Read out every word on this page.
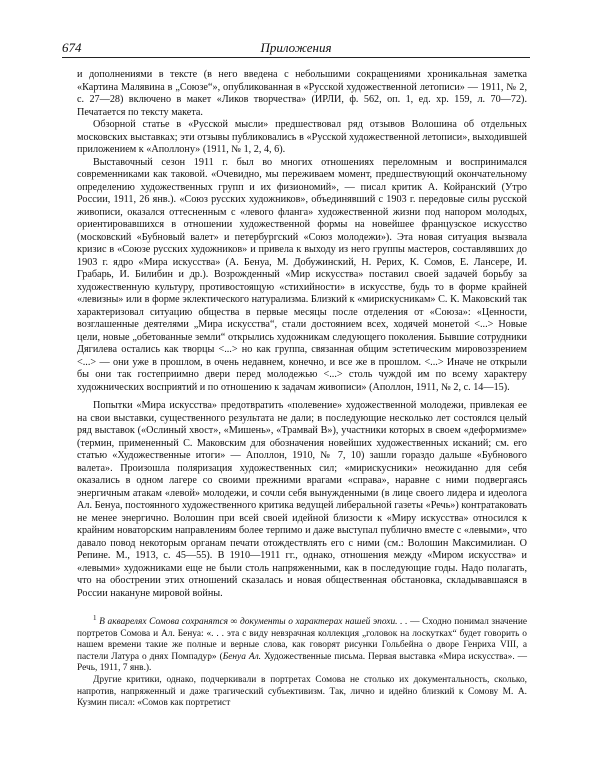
674	Приложения

и дополнениями в тексте (в него введена с небольшими сокращениями хроникальная заметка «Картина Малявина в „Союзе“», опубликованная в «Русской художественной летописи» — 1911, № 2, с. 27—28) включено в макет «Ликов творчества» (ИРЛИ, ф. 562, оп. 1, ед. хр. 159, л. 70—72). Печатается по тексту макета.

Обзорной статье в «Русской мысли» предшествовал ряд отзывов Волошина об отдельных московских выставках; эти отзывы публиковались в «Русской художественной летописи», выходившей приложением к «Аполлону» (1911, № 1, 2, 4, 6).

Выставочный сезон 1911 г. был во многих отношениях переломным и воспринимался современниками как таковой. «Очевидно, мы переживаем момент, предшествующий окончательному определению художественных групп и их физиономий», — писал критик А. Койранский (Утро России, 1911, 26 янв.). «Союз русских художников», объединявший с 1903 г. передовые силы русской живописи, оказался оттесненным с «левого фланга» художественной жизни под напором молодых, ориентировавшихся в отношении художественной формы на новейшее французское искусство (московский «Бубновый валет» и петербургский «Союз молодежи»). Эта новая ситуация вызвала кризис в «Союзе русских художников» и привела к выходу из него группы мастеров, составлявших до 1903 г. ядро «Мира искусства» (А. Бенуа, М. Добужинский, Н. Рерих, К. Сомов, Е. Лансере, И. Грабарь, И. Билибин и др.). Возрожденный «Мир искусства» поставил своей задачей борьбу за художественную культуру, противостоящую «стихийности» в искусстве, будь то в форме крайней «левизны» или в форме эклектического натурализма. Близкий к «мирискусникам» С. К. Маковский так характеризовал ситуацию общества в первые месяцы после отделения от «Союза»: «Ценности, возглашенные деятелями „Мира искусства“, стали достоянием всех, ходячей монетой <...> Новые цели, новые „обетованные земли“ открылись художникам следующего поколения. Бывшие сотрудники Дягилева остались как творцы <...> но как группа, связанная общим эстетическим мировоззрением <...> — они уже в прошлом, в очень недавнем, конечно, и все же в прошлом. <...> Иначе не открыли бы они так гостеприимно двери перед молодежью <...> столь чуждой им по всему характеру художнических восприятий и по отношению к задачам живописи» (Аполлон, 1911, № 2, с. 14—15).

Попытки «Мира искусства» предотвратить «полевение» художественной молодежи, привлекая ее на свои выставки, существенного результата не дали; в последующие несколько лет состоялся целый ряд выставок («Ослиный хвост», «Мишень», «Трамвай В»), участники которых в своем «деформизме» (термин, примененный С. Маковским для обозначения новейших художественных исканий; см. его статью «Художественные итоги» — Аполлон, 1910, № 7, 10) зашли гораздо дальше «Бубнового валета». Произошла поляризация художественных сил; «мирискусники» неожиданно для себя оказались в одном лагере со своими прежними врагами «справа», наравне с ними подвергаясь энергичным атакам «левой» молодежи, и сочли себя вынужденными (в лице своего лидера и идеолога Ал. Бенуа, постоянного художественного критика ведущей либеральной газеты «Речь») контратаковать не менее энергично. Волошин при всей своей идейной близости к «Миру искусства» относился к крайним новаторским направлениям более терпимо и даже выступал публично вместе с «левыми», что давало повод некоторым органам печати отождествлять его с ними (см.: Волошин Максимилиан. О Репине. М., 1913, с. 45—55). В 1910—1911 гг., однако, отношения между «Миром искусства» и «левыми» художниками еще не были столь напряженными, как в последующие годы. Надо полагать, что на обострении этих отношений сказалась и новая общественная обстановка, складывавшаяся в России накануне мировой войны.

$^1$ В акварелях Сомова сохранятся ∞ документы о характерах нашей эпохи. . . — Сходно понимал значение портретов Сомова и Ал. Бенуа: «. . . эта с виду невзрачная коллекция „головок на лоскутках“ будет говорить о нашем времени такие же полные и верные слова, как говорят рисунки Гольбейна о дворе Генриха VIII, а пастели Латура о днях Помпадур» (Бенуа Ал. Художественные письма. Первая выставка «Мира искусства». — Речь, 1911, 7 янв.).

Другие критики, однако, подчеркивали в портретах Сомова не столько их документальность, сколько, напротив, напряженный и даже трагический субъективизм. Так, лично и идейно близкий к Сомову М. А. Кузмин писал: «Сомов как портретист
